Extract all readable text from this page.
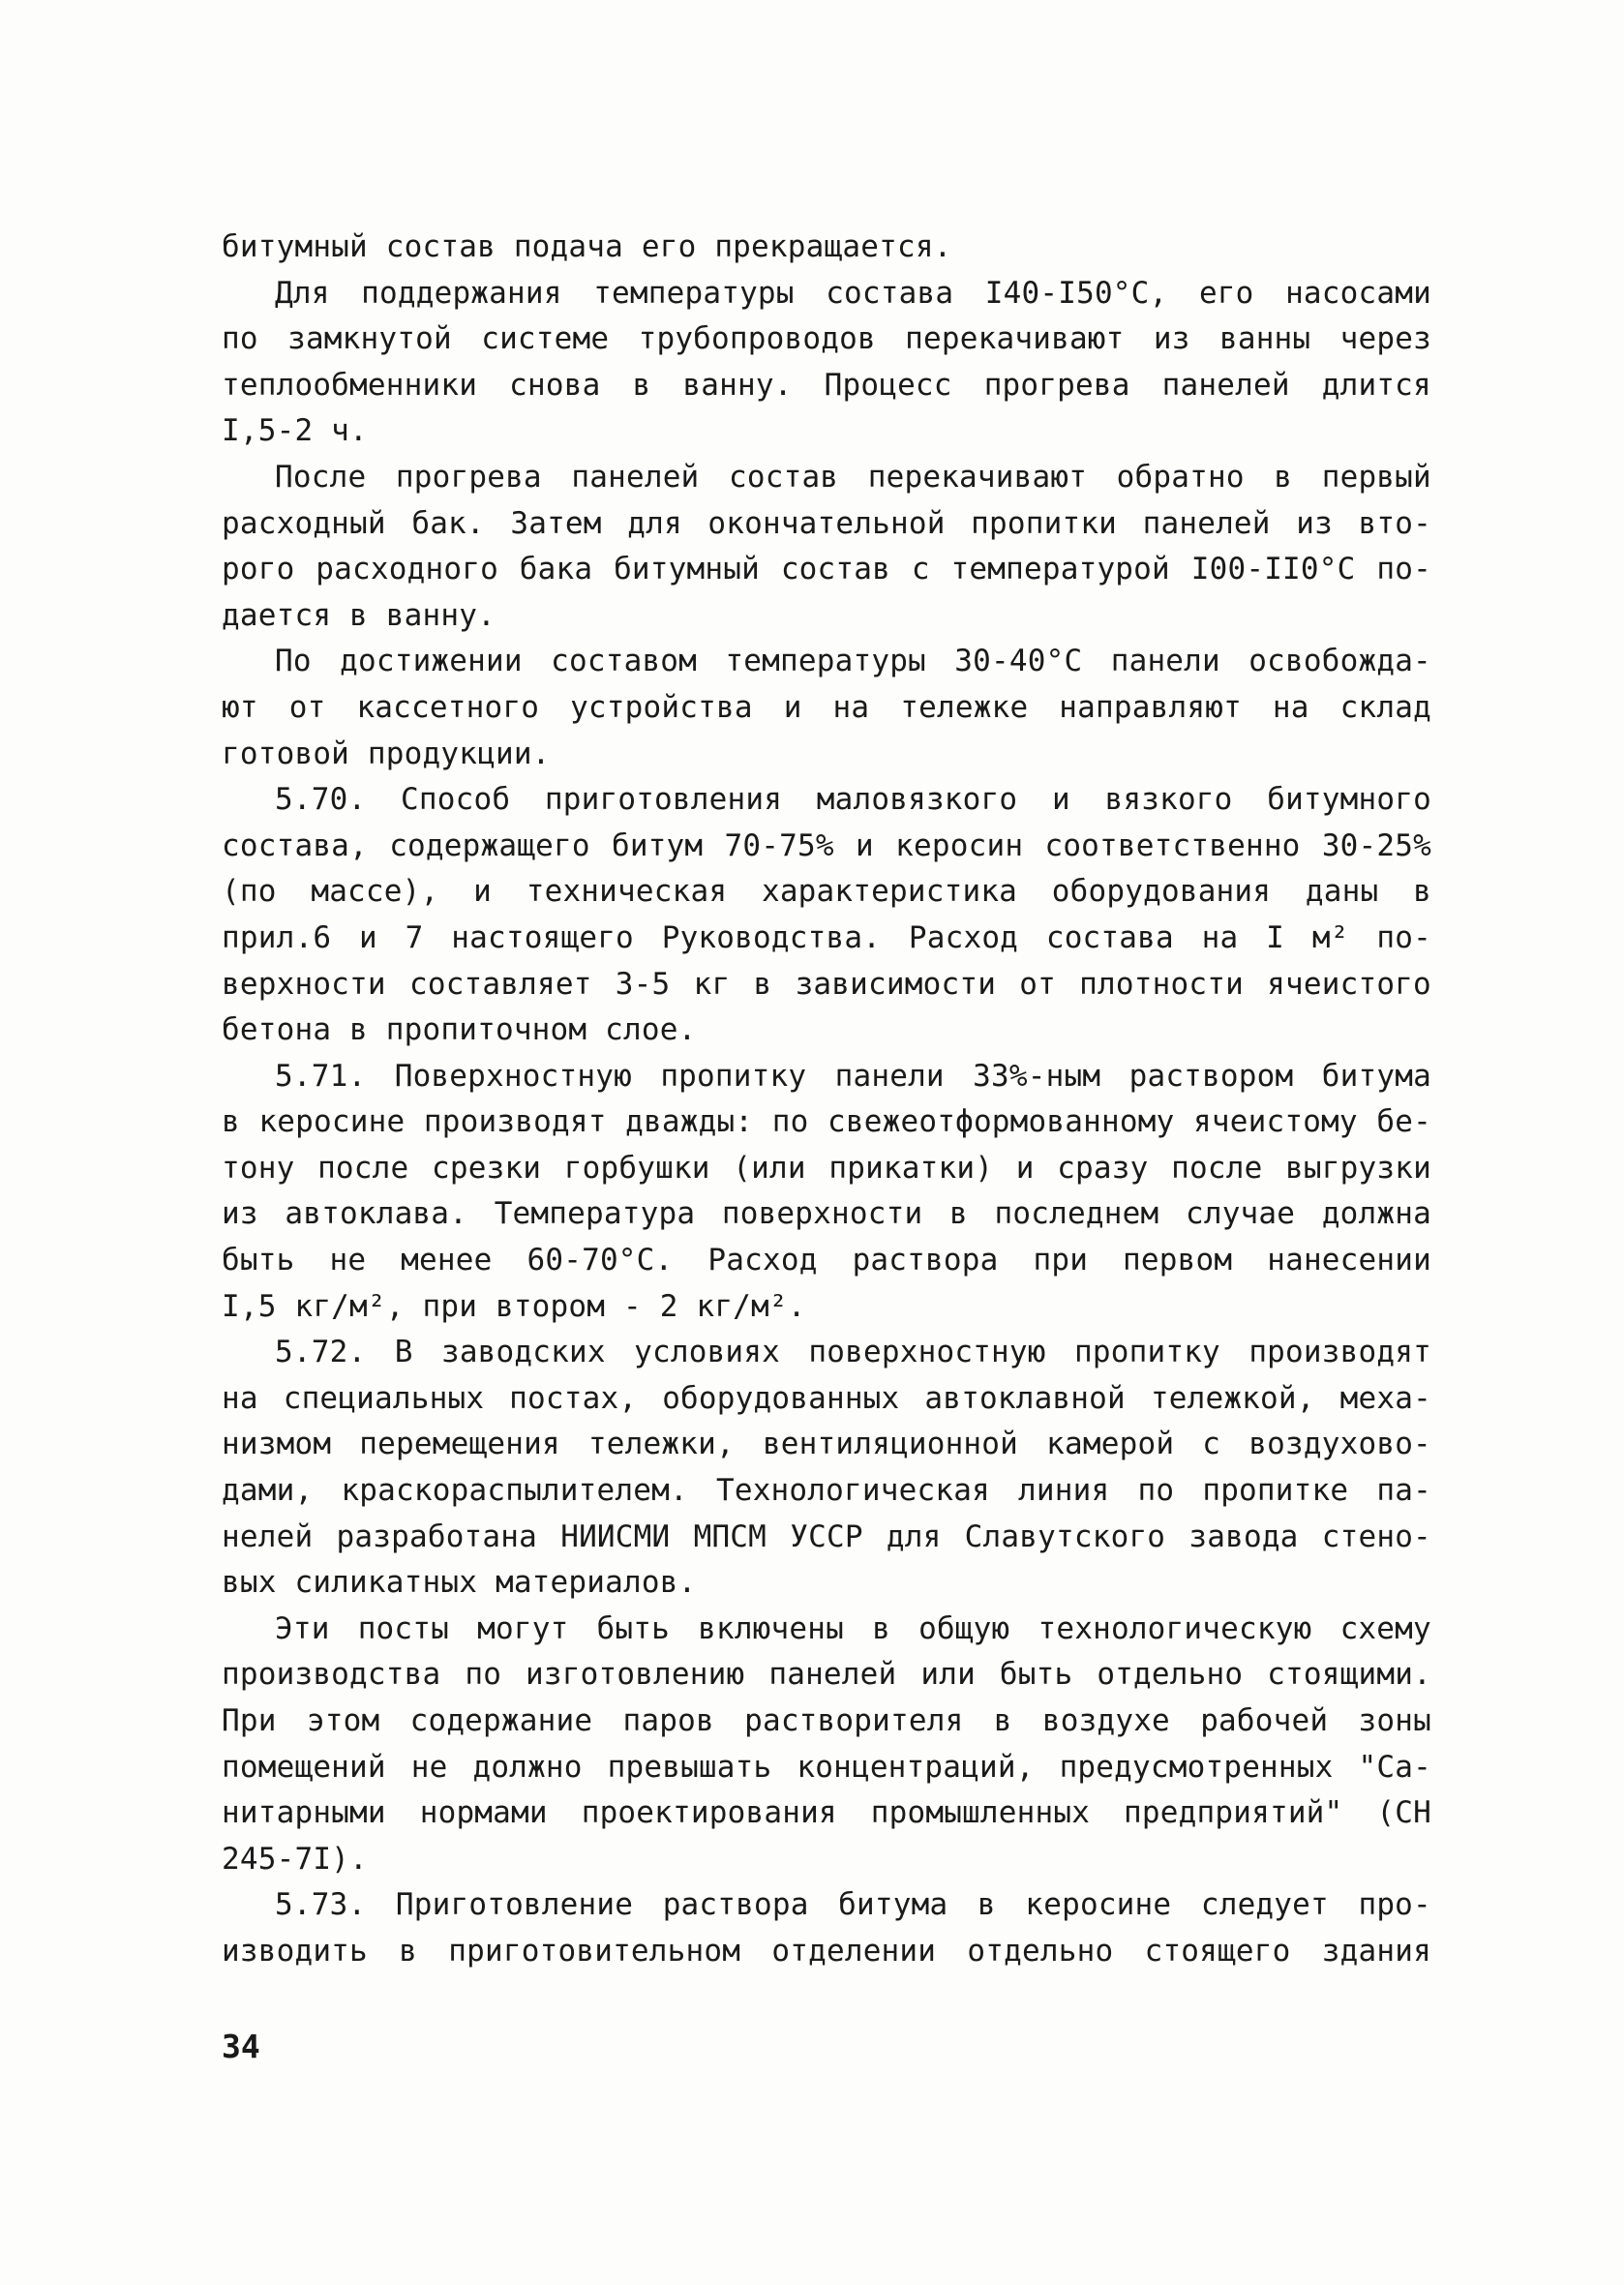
битумный состав подача его прекращается.
Для поддержания температуры состава I40-I50°C, его насосами
по замкнутой системе трубопроводов перекачивают из ванны через
теплообменники снова в ванну. Процесс прогрева панелей длится
I,5-2 ч.
После прогрева панелей состав перекачивают обратно в первый
расходный бак. Затем для окончательной пропитки панелей из вто-
рого расходного бака битумный состав с температурой I00-II0°C по-
дается в ванну.
По достижении составом температуры 30-40°C панели освобожда-
ют от кассетного устройства и на тележке направляют на склад
готовой продукции.
5.70. Способ приготовления маловязкого и вязкого битумного
состава, содержащего битум 70-75% и керосин соответственно 30-25%
(по массе), и техническая характеристика оборудования даны в
прил.6 и 7 настоящего Руководства. Расход состава на I м² по-
верхности составляет 3-5 кг в зависимости от плотности ячеистого
бетона в пропиточном слое.
5.71. Поверхностную пропитку панели 33%-ным раствором битума
в керосине производят дважды: по свежеотформованному ячеистому бе-
тону после срезки горбушки (или прикатки) и сразу после выгрузки
из автоклава. Температура поверхности в последнем случае должна
быть не менее 60-70°C. Расход раствора при первом нанесении
I,5 кг/м², при втором - 2 кг/м².
5.72. В заводских условиях поверхностную пропитку производят
на специальных постах, оборудованных автоклавной тележкой, меха-
низмом перемещения тележки, вентиляционной камерой с воздухово-
дами, краскораспылителем. Технологическая линия по пропитке па-
нелей разработана НИИСМИ МПСМ УССР для Славутского завода стено-
вых силикатных материалов.
Эти посты могут быть включены в общую технологическую схему
производства по изготовлению панелей или быть отдельно стоящими.
При этом содержание паров растворителя в воздухе рабочей зоны
помещений не должно превышать концентраций, предусмотренных "Са-
нитарными нормами проектирования промышленных предприятий" (СН
245-7I).
5.73. Приготовление раствора битума в керосине следует про-
изводить в приготовительном отделении отдельно стоящего здания
34
